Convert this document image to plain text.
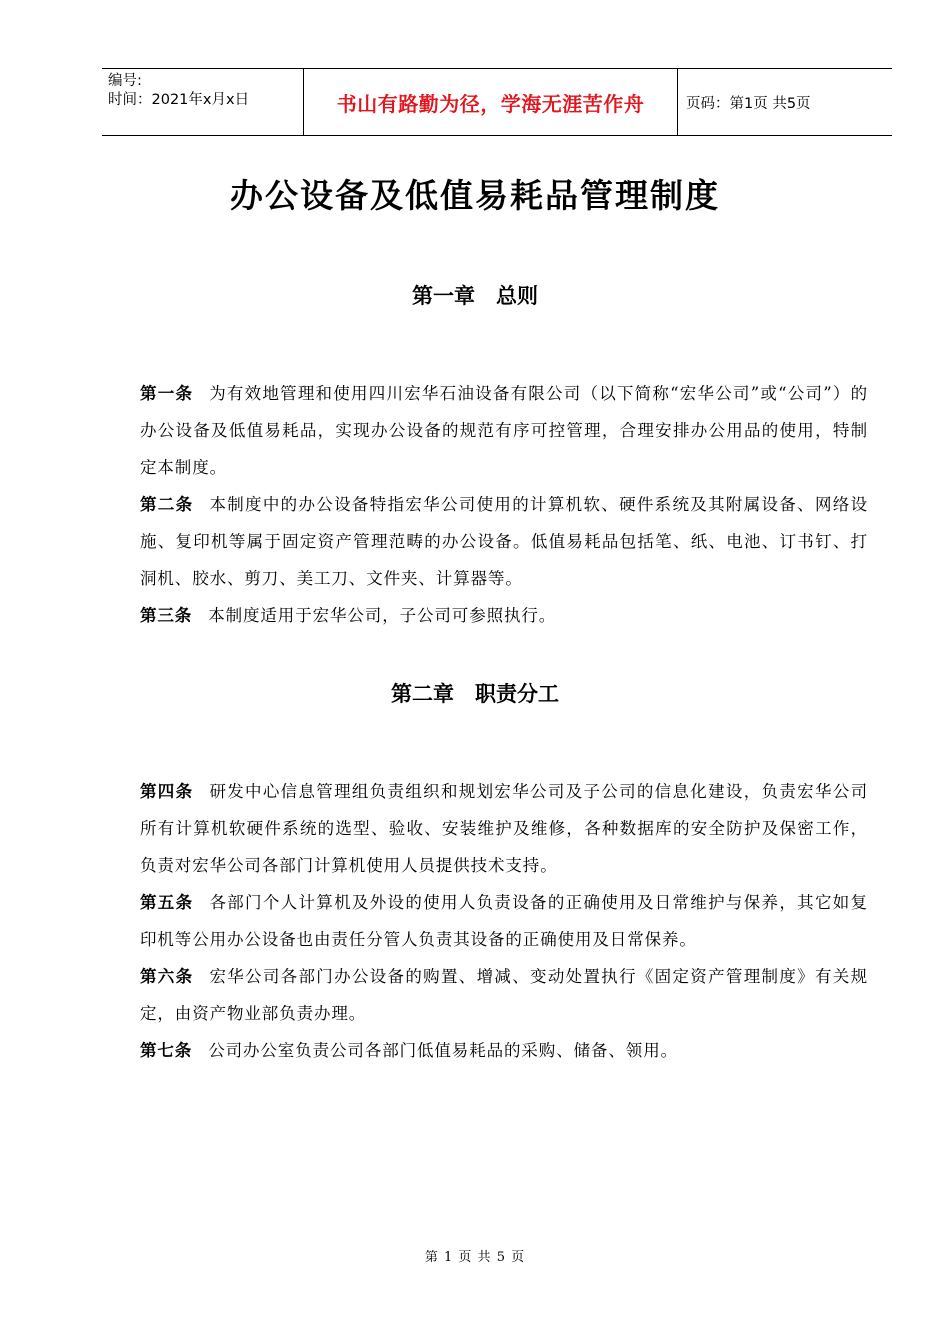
编号:
时间：2021年x月x日	书山有路勤为径，学海无涯苦作舟	页码：第1页 共5页
办公设备及低值易耗品管理制度
第一章　总则
第一条 为有效地管理和使用四川宏华石油设备有限公司（以下简称“宏华公司”或“公司”）的办公设备及低值易耗品，实现办公设备的规范有序可控管理，合理安排办公用品的使用，特制定本制度。
第二条 本制度中的办公设备特指宏华公司使用的计算机软、硬件系统及其附属设备、网络设施、复印机等属于固定资产管理范畴的办公设备。低值易耗品包括笔、纸、电池、订书钉、打洞机、胶水、剪刀、美工刀、文件夹、计算器等。
第三条 本制度适用于宏华公司，子公司可参照执行。
第二章　职责分工
第四条 研发中心信息管理组负责组织和规划宏华公司及子公司的信息化建设，负责宏华公司所有计算机软硬件系统的选型、验收、安装维护及维修，各种数据库的安全防护及保密工作，负责对宏华公司各部门计算机使用人员提供技术支持。
第五条 各部门个人计算机及外设的使用人负责设备的正确使用及日常维护与保养，其它如复印机等公用办公设备也由责任分管人负责其设备的正确使用及日常保养。
第六条 宏华公司各部门办公设备的购置、增减、变动处置执行《固定资产管理制度》有关规定，由资产物业部负责办理。
第七条 公司办公室负责公司各部门低值易耗品的采购、储备、领用。
第 1 页 共 5 页
